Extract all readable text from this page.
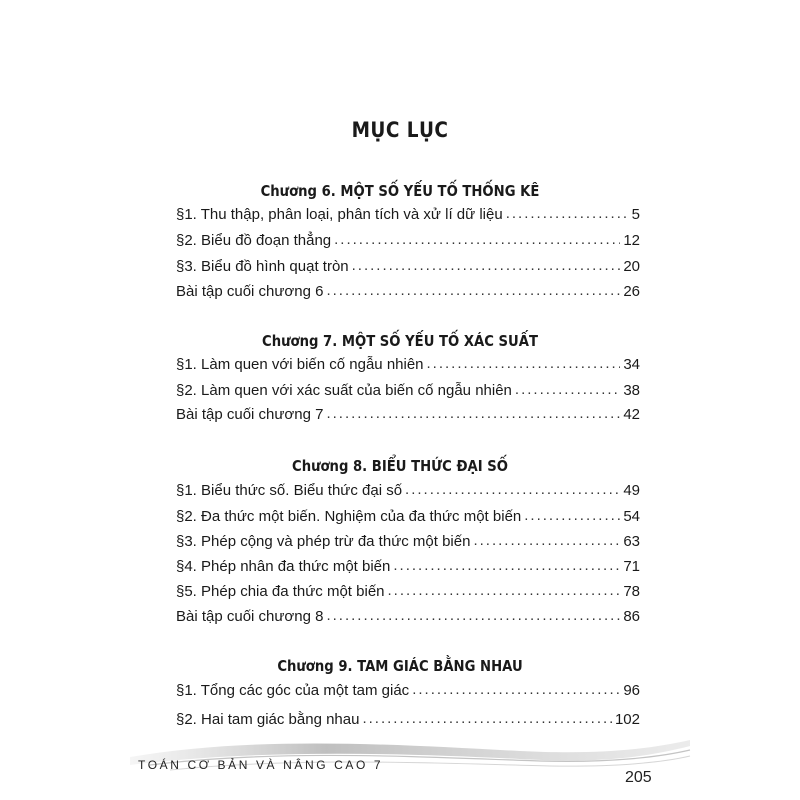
MỤC LỤC
Chương 6. MỘT SỐ YẾU TỐ THỐNG KÊ
§1. Thu thập, phân loại, phân tích và xử lí dữ liệu .....	5
§2. Biểu đồ đoạn thẳng .....	12
§3. Biểu đồ hình quạt tròn .....	20
Bài tập cuối chương 6 .....	26
Chương 7. MỘT SỐ YẾU TỐ XÁC SUẤT
§1. Làm quen với biến cố ngẫu nhiên .....	34
§2. Làm quen với xác suất của biến cố ngẫu nhiên .....	38
Bài tập cuối chương 7 .....	42
Chương 8. BIỂU THỨC ĐẠI SỐ
§1. Biểu thức số. Biểu thức đại số .....	49
§2. Đa thức một biến. Nghiệm của đa thức một biến .....	54
§3. Phép cộng và phép trừ đa thức một biến .....	63
§4. Phép nhân đa thức một biến .....	71
§5. Phép chia đa thức một biến .....	78
Bài tập cuối chương 8 .....	86
Chương 9. TAM GIÁC BẰNG NHAU
§1. Tổng các góc của một tam giác .....	96
§2. Hai tam giác bằng nhau .....	102
TOÁN CƠ BẢN VÀ NÂNG CAO 7
205
